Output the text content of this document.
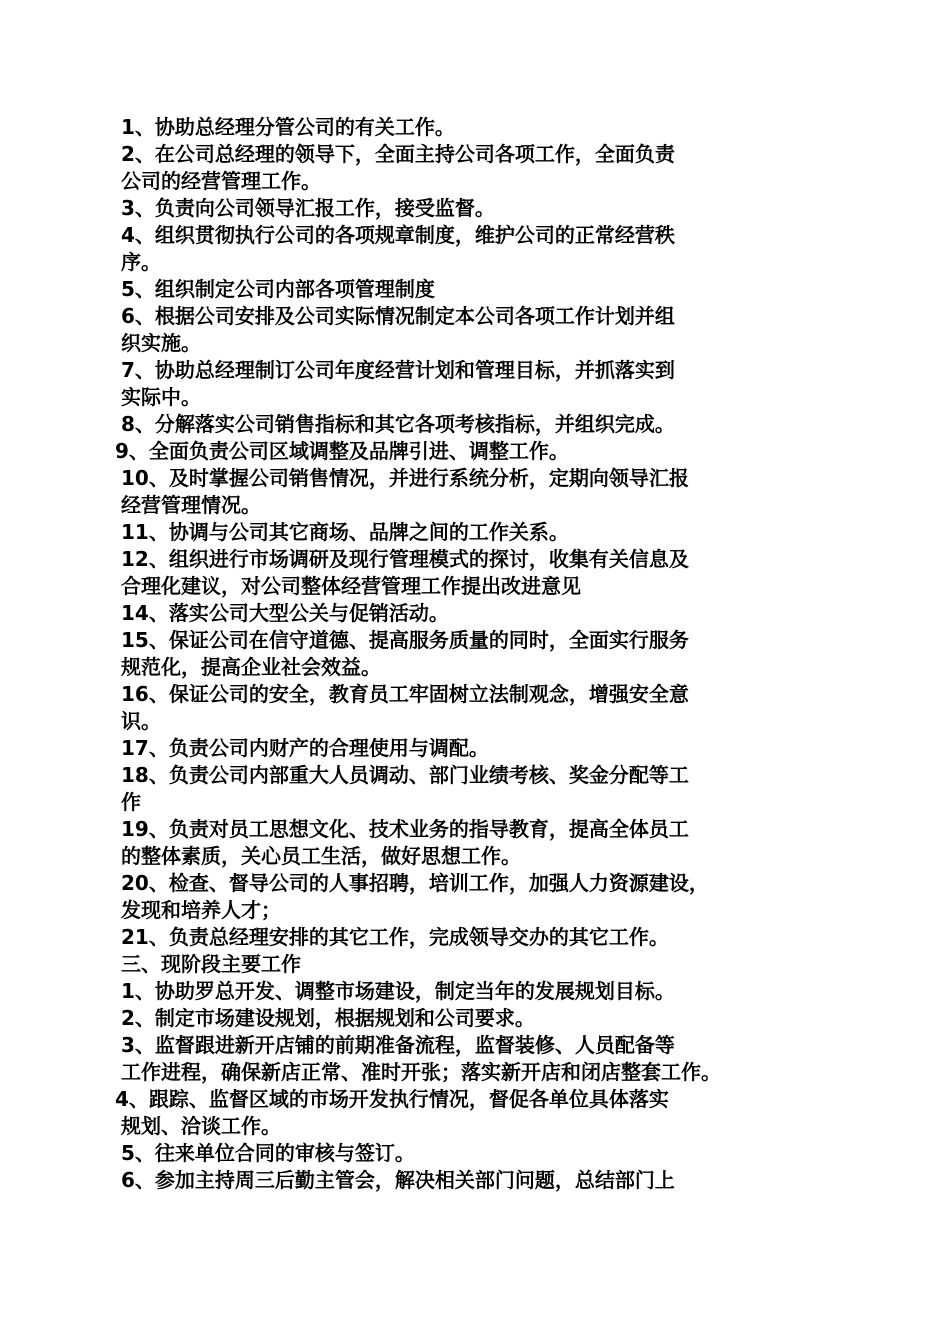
1、协助总经理分管公司的有关工作。
2、在公司总经理的领导下，全面主持公司各项工作，全面负责
公司的经营管理工作。
3、负责向公司领导汇报工作，接受监督。
4、组织贯彻执行公司的各项规章制度，维护公司的正常经营秩
序。
5、组织制定公司内部各项管理制度
6、根据公司安排及公司实际情况制定本公司各项工作计划并组
织实施。
7、协助总经理制订公司年度经营计划和管理目标，并抓落实到
实际中。
8、分解落实公司销售指标和其它各项考核指标，并组织完成。
9、全面负责公司区域调整及品牌引进、调整工作。
10、及时掌握公司销售情况，并进行系统分析，定期向领导汇报
经营管理情况。
11、协调与公司其它商场、品牌之间的工作关系。
12、组织进行市场调研及现行管理模式的探讨，收集有关信息及
合理化建议，对公司整体经营管理工作提出改进意见
14、落实公司大型公关与促销活动。
15、保证公司在信守道德、提高服务质量的同时，全面实行服务
规范化，提高企业社会效益。
16、保证公司的安全，教育员工牢固树立法制观念，增强安全意
识。
17、负责公司内财产的合理使用与调配。
18、负责公司内部重大人员调动、部门业绩考核、奖金分配等工
作
19、负责对员工思想文化、技术业务的指导教育，提高全体员工
的整体素质，关心员工生活，做好思想工作。
20、检查、督导公司的人事招聘，培训工作，加强人力资源建设，
发现和培养人才；
21、负责总经理安排的其它工作，完成领导交办的其它工作。
三、现阶段主要工作
1、协助罗总开发、调整市场建设，制定当年的发展规划目标。
2、制定市场建设规划，根据规划和公司要求。
3、监督跟进新开店铺的前期准备流程，监督装修、人员配备等
工作进程，确保新店正常、准时开张；落实新开店和闭店整套工作。
4、跟踪、监督区域的市场开发执行情况，督促各单位具体落实
规划、洽谈工作。
5、往来单位合同的审核与签订。
6、参加主持周三后勤主管会，解决相关部门问题，总结部门上
